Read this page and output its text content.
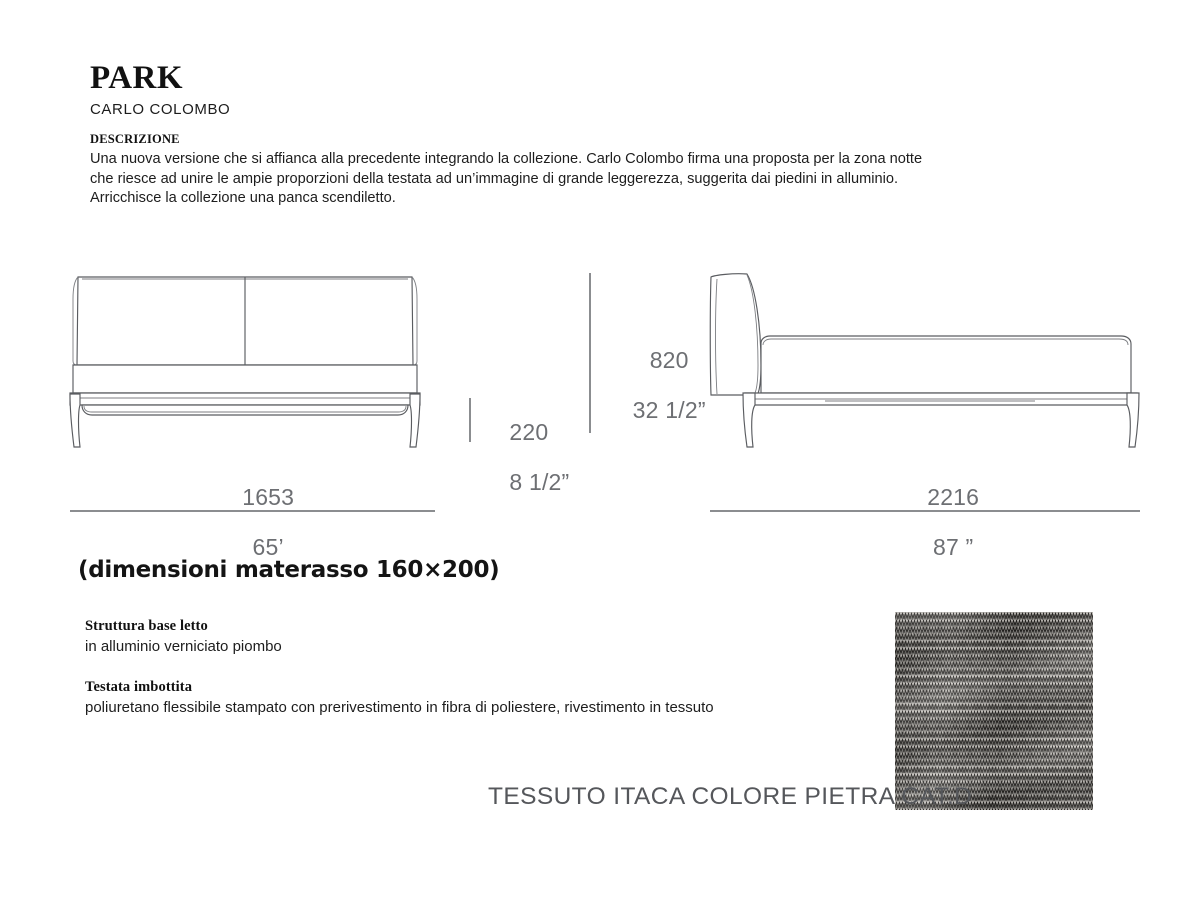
PARK
CARLO COLOMBO
DESCRIZIONE
Una nuova versione che si affianca alla precedente integrando la collezione. Carlo Colombo firma una proposta per la zona notte che riesce ad unire le ampie proporzioni della testata ad un’immagine di grande leggerezza, suggerita dai piedini in alluminio. Arricchisce la collezione una panca scendiletto.

220

8 1/2”

1653

65’

820

32 1/2”

2216

87 ”

(dimensioni materasso 160×200)
Struttura base letto
in alluminio verniciato piombo
Testata imbottita
poliuretano flessibile stampato con prerivestimento in fibra di poliestere, rivestimento in tessuto
TESSUTO ITACA COLORE PIETRA CAT.D
